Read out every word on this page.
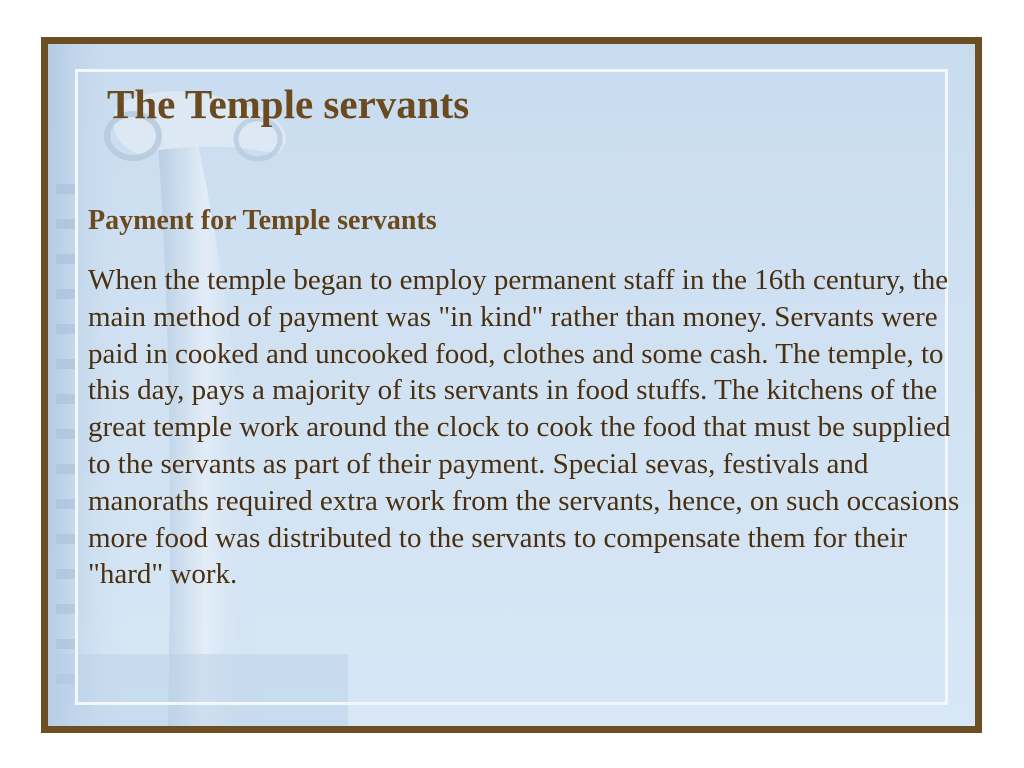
The Temple servants
Payment for Temple servants

When the temple began to employ permanent staff in the 16th century, the main method of payment was "in kind" rather than money. Servants were paid in cooked and uncooked food, clothes and some cash. The temple, to this day, pays a majority of its servants in food stuffs. The kitchens of the great temple work around the clock to cook the food that must be supplied to the servants as part of their payment. Special sevas, festivals and manoraths required extra work from the servants, hence, on such occasions more food was distributed to the servants to compensate them for their "hard" work.
